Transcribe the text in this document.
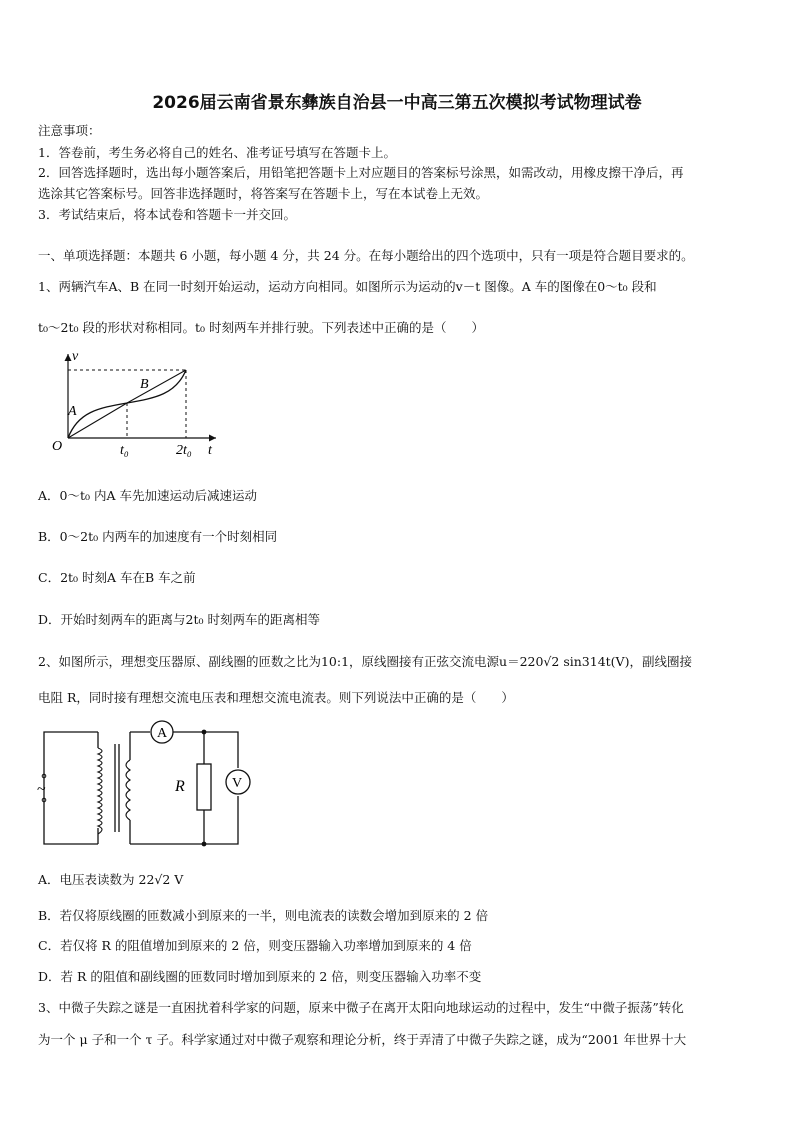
2026届云南省景东彝族自治县一中高三第五次模拟考试物理试卷
注意事项：
1．答卷前，考生务必将自己的姓名、准考证号填写在答题卡上。
2．回答选择题时，选出每小题答案后，用铅笔把答题卡上对应题目的答案标号涂黑，如需改动，用橡皮擦干净后，再
选涂其它答案标号。回答非选择题时，将答案写在答题卡上，写在本试卷上无效。
3．考试结束后，将本试卷和答题卡一并交回。
一、单项选择题：本题共 6 小题，每小题 4 分，共 24 分。在每小题给出的四个选项中，只有一项是符合题目要求的。
1、两辆汽车A、B 在同一时刻开始运动，运动方向相同。如图所示为运动的v－t 图像。A 车的图像在0～t₀ 段和
t₀～2t₀ 段的形状对称相同。t₀ 时刻两车并排行驶。下列表述中正确的是（　　）
v
t
O
A
B
t₀	2t₀
A．0～t₀ 内A 车先加速运动后减速运动
B．0～2t₀ 内两车的加速度有一个时刻相同
C．2t₀ 时刻A 车在B 车之前
D．开始时刻两车的距离与2t₀ 时刻两车的距离相等
2、如图所示，理想变压器原、副线圈的匝数之比为10:1，原线圈接有正弦交流电源u＝220√2 sin314t(V)，副线圈接
电阻 R，同时接有理想交流电压表和理想交流电流表。则下列说法中正确的是（　　）
~
A
V
R
A．电压表读数为 22√2 V
B．若仅将原线圈的匝数减小到原来的一半，则电流表的读数会增加到原来的 2 倍
C．若仅将 R 的阻值增加到原来的 2 倍，则变压器输入功率增加到原来的 4 倍
D．若 R 的阻值和副线圈的匝数同时增加到原来的 2 倍，则变压器输入功率不变
3、中微子失踪之谜是一直困扰着科学家的问题，原来中微子在离开太阳向地球运动的过程中，发生“中微子振荡”转化
为一个 μ 子和一个 τ 子。科学家通过对中微子观察和理论分析，终于弄清了中微子失踪之谜，成为“2001 年世界十大
